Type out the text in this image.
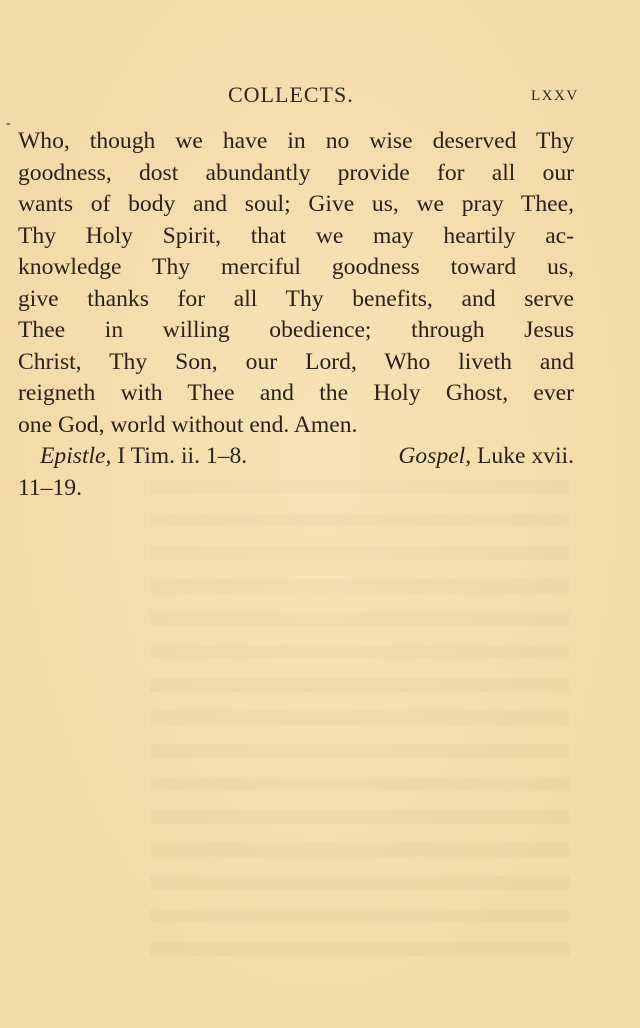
COLLECTS.	LXXV
-
Who, though we have in no wise deserved Thy
goodness, dost abundantly provide for all our
wants of body and soul; Give us, we pray Thee,
Thy Holy Spirit, that we may heartily ac-
knowledge Thy merciful goodness toward us,
give thanks for all Thy benefits, and serve
Thee in willing obedience; through Jesus
Christ, Thy Son, our Lord, Who liveth and
reigneth with Thee and the Holy Ghost, ever
one God, world without end. Amen.
Epistle, I Tim. ii. 1–8.	Gospel, Luke xvii.
11–19.
